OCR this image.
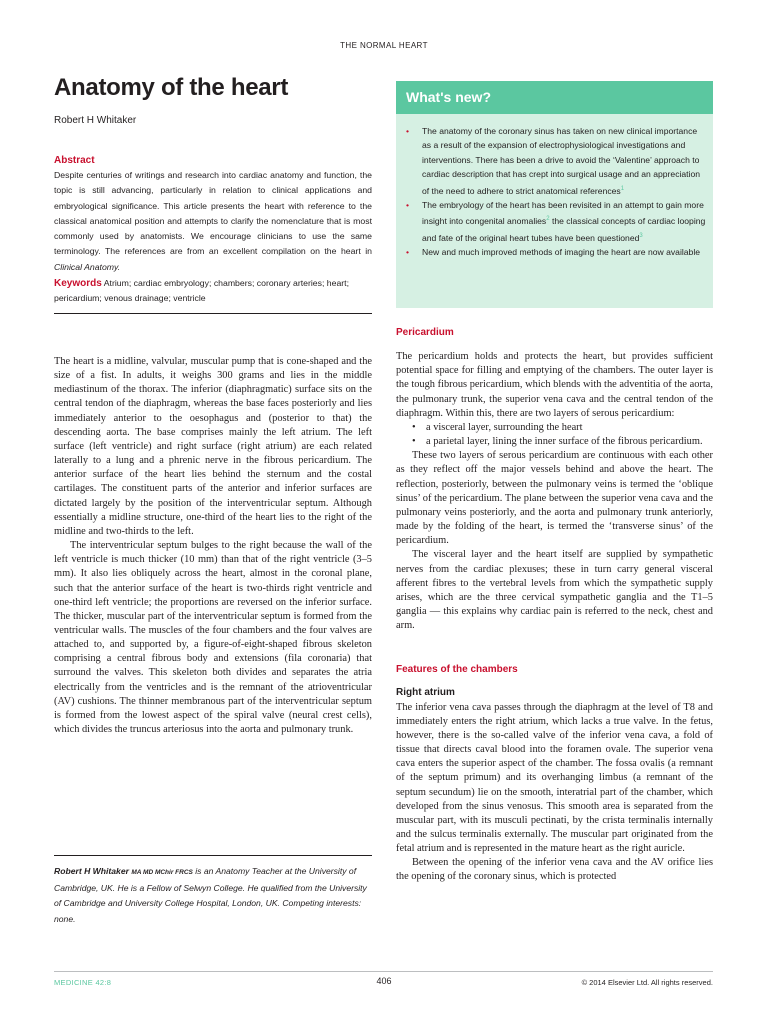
THE NORMAL HEART
Anatomy of the heart
Robert H Whitaker
Abstract

Despite centuries of writings and research into cardiac anatomy and function, the topic is still advancing, particularly in relation to clinical applications and embryological significance. This article presents the heart with reference to the classical anatomical position and attempts to clarify the nomenclature that is most commonly used by anatomists. We encourage clinicians to use the same terminology. The references are from an excellent compilation on the heart in Clinical Anatomy.

Keywords Atrium; cardiac embryology; chambers; coronary arteries; heart; pericardium; venous drainage; ventricle

What's new?
• The anatomy of the coronary sinus has taken on new clinical importance as a result of the expansion of electrophysiological investigations and interventions. There has been a drive to avoid the ‘Valentine’ approach to cardiac description that has crept into surgical usage and an appreciation of the need to adhere to strict anatomical references$^1$
• The embryology of the heart has been revisited in an attempt to gain more insight into congenital anomalies$^2$ the classical concepts of cardiac looping and fate of the original heart tubes have been questioned$^3$
• New and much improved methods of imaging the heart are now available

The heart is a midline, valvular, muscular pump that is cone-shaped and the size of a fist. In adults, it weighs 300 grams and lies in the middle mediastinum of the thorax. The inferior (diaphragmatic) surface sits on the central tendon of the diaphragm, whereas the base faces posteriorly and lies immediately anterior to the oesophagus and (posterior to that) the descending aorta. The base comprises mainly the left atrium. The left surface (left ventricle) and right surface (right atrium) are each related laterally to a lung and a phrenic nerve in the fibrous pericardium. The anterior surface of the heart lies behind the sternum and the costal cartilages. The constituent parts of the anterior and inferior surfaces are dictated largely by the position of the interventricular septum. Although essentially a midline structure, one-third of the heart lies to the right of the midline and two-thirds to the left.

The interventricular septum bulges to the right because the wall of the left ventricle is much thicker (10 mm) than that of the right ventricle (3–5 mm). It also lies obliquely across the heart, almost in the coronal plane, such that the anterior surface of the heart is two-thirds right ventricle and one-third left ventricle; the proportions are reversed on the inferior surface. The thicker, muscular part of the interventricular septum is formed from the ventricular walls. The muscles of the four chambers and the four valves are attached to, and supported by, a figure-of-eight-shaped fibrous skeleton comprising a central fibrous body and extensions (fila coronaria) that surround the valves. This skeleton both divides and separates the atria electrically from the ventricles and is the remnant of the atrioventricular (AV) cushions. The thinner membranous part of the interventricular septum is formed from the lowest aspect of the spiral valve (neural crest cells), which divides the truncus arteriosus into the aorta and pulmonary trunk.

Robert H Whitaker MA MD MChir FRCS is an Anatomy Teacher at the University of Cambridge, UK. He is a Fellow of Selwyn College. He qualified from the University of Cambridge and University College Hospital, London, UK. Competing interests: none.

Pericardium

The pericardium holds and protects the heart, but provides sufficient potential space for filling and emptying of the chambers. The outer layer is the tough fibrous pericardium, which blends with the adventitia of the aorta, the pulmonary trunk, the superior vena cava and the central tendon of the diaphragm. Within this, there are two layers of serous pericardium:

• a visceral layer, surrounding the heart
• a parietal layer, lining the inner surface of the fibrous pericardium.

These two layers of serous pericardium are continuous with each other as they reflect off the major vessels behind and above the heart. The reflection, posteriorly, between the pulmonary veins is termed the ‘oblique sinus’ of the pericardium. The plane between the superior vena cava and the pulmonary veins posteriorly, and the aorta and pulmonary trunk anteriorly, made by the folding of the heart, is termed the ‘transverse sinus’ of the pericardium.

The visceral layer and the heart itself are supplied by sympathetic nerves from the cardiac plexuses; these in turn carry general visceral afferent fibres to the vertebral levels from which the sympathetic supply arises, which are the three cervical sympathetic ganglia and the T1–5 ganglia — this explains why cardiac pain is referred to the neck, chest and arm.

Features of the chambers
Right atrium

The inferior vena cava passes through the diaphragm at the level of T8 and immediately enters the right atrium, which lacks a true valve. In the fetus, however, there is the so-called valve of the inferior vena cava, a fold of tissue that directs caval blood into the foramen ovale. The superior vena cava enters the superior aspect of the chamber. The fossa ovalis (a remnant of the septum primum) and its overhanging limbus (a remnant of the septum secundum) lie on the smooth, interatrial part of the chamber, which developed from the sinus venosus. This smooth area is separated from the muscular part, with its musculi pectinati, by the crista terminalis internally and the sulcus terminalis externally. The muscular part originated from the fetal atrium and is represented in the mature heart as the right auricle.

Between the opening of the inferior vena cava and the AV orifice lies the opening of the coronary sinus, which is protected

MEDICINE 42:8	406	© 2014 Elsevier Ltd. All rights reserved.
